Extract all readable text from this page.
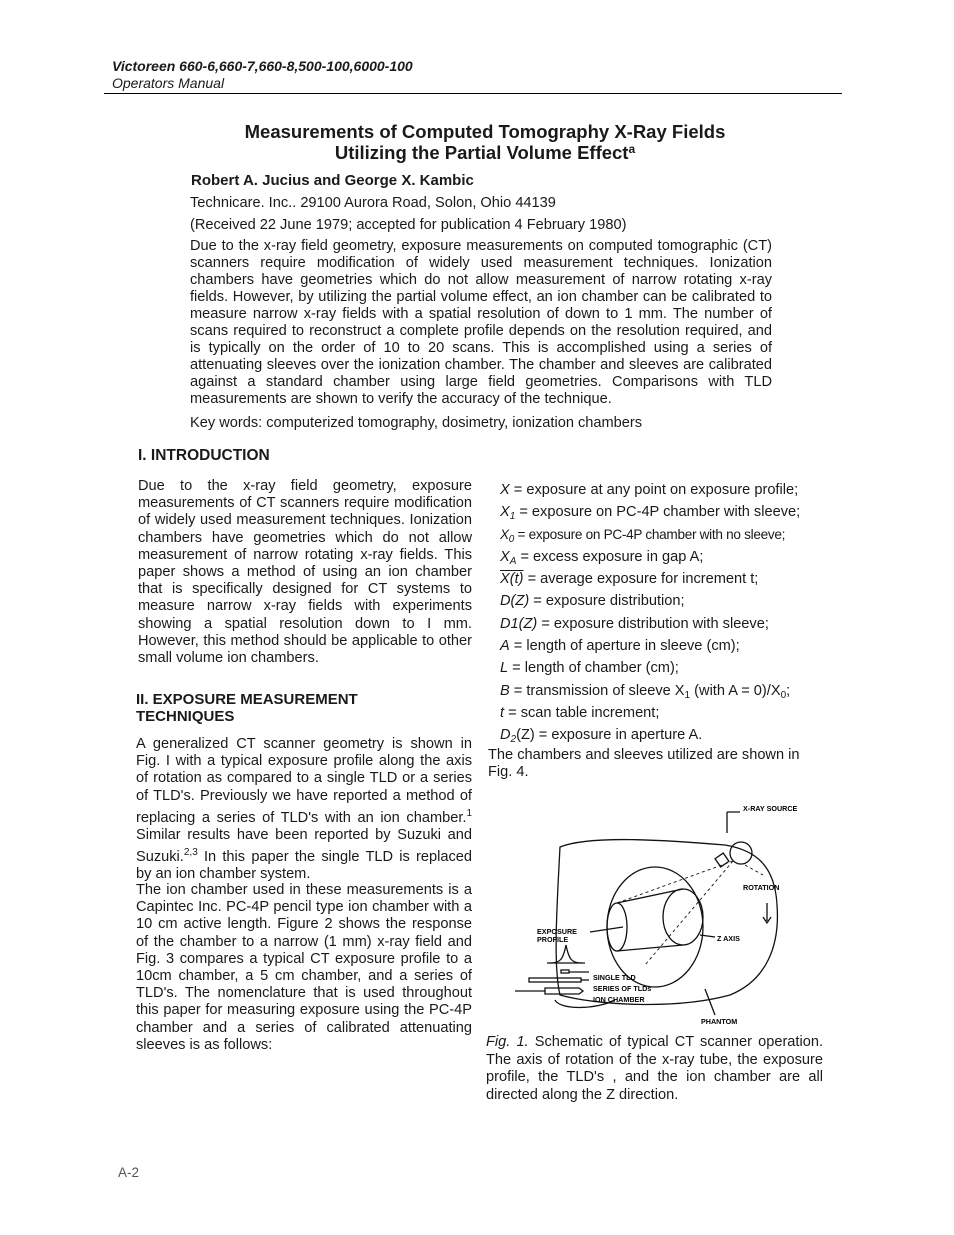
Victoreen 660-6,660-7,660-8,500-100,6000-100
Operators Manual
Measurements of Computed Tomography X-Ray Fields
Utilizing the Partial Volume Effect$^a$
Robert A. Jucius and George X. Kambic
Technicare. Inc.. 29100 Aurora Road, Solon, Ohio 44139
(Received 22 June 1979; accepted for publication 4 February 1980)
Due to the x-ray field geometry, exposure measurements on computed tomographic (CT) scanners require modification of widely used measurement techniques. Ionization chambers have geometries which do not allow measurement of narrow rotating x-ray fields. However, by utilizing the partial volume effect, an ion chamber can be calibrated to measure narrow x-ray fields with a spatial resolution of down to 1 mm. The number of scans required to reconstruct a complete profile depends on the resolution required, and is typically on the order of 10 to 20 scans. This is accomplished using a series of attenuating sleeves over the ionization chamber. The chamber and sleeves are calibrated against a standard chamber using large field geometries. Comparisons with TLD measurements are shown to verify the accuracy of the technique.
Key words: computerized tomography, dosimetry, ionization chambers
I. INTRODUCTION
Due to the x-ray field geometry, exposure measurements of CT scanners require modification of widely used measurement techniques. Ionization chambers have geometries which do not allow measurement of narrow rotating x-ray fields. This paper shows a method of using an ion chamber that is specifically designed for CT systems to measure narrow x-ray fields with experiments showing a spatial resolution down to I mm. However, this method should be applicable to other small volume ion chambers.
II. EXPOSURE MEASUREMENT
TECHNIQUES
A generalized CT scanner geometry is shown in Fig. I with a typical exposure profile along the axis of rotation as compared to a single TLD or a series of TLD's. Previously we have reported a method of replacing a series of TLD's with an ion chamber.$^1$ Similar results have been reported by Suzuki and Suzuki.$^{2,3}$ In this paper the single TLD is replaced by an ion chamber system.
The ion chamber used in these measurements is a Capintec Inc. PC-4P pencil type ion chamber with a 10 cm active length. Figure 2 shows the response of the chamber to a narrow (1 mm) x-ray field and Fig. 3 compares a typical CT exposure profile to a 10cm chamber, a 5 cm chamber, and a series of TLD's. The nomenclature that is used throughout this paper for measuring exposure using the PC-4P chamber and a series of calibrated attenuating sleeves is as follows:
X = exposure at any point on exposure profile;
$X_1$ = exposure on PC-4P chamber with sleeve;
$X_0$ = exposure on PC-4P chamber with no sleeve;
$X_A$ = excess exposure in gap A;
X(t) = average exposure for increment t;
D(Z) = exposure distribution;
D1(Z) = exposure distribution with sleeve;
A = length of aperture in sleeve (cm);
L = length of chamber (cm);
B = transmission of sleeve $X_1$ (with $A = 0)/X_0$;
t = scan table increment;
$D_2(Z)$ = exposure in aperture A.
The chambers and sleeves utilized are shown in Fig. 4.
X-RAY SOURCE
ROTATION
Z AXIS
EXPOSURE
PROFILE
SINGLE TLD
SERIES OF TLDs
ION CHAMBER
PHANTOM
Fig. 1. Schematic of typical CT scanner operation. The axis of rotation of the x-ray tube, the exposure profile, the TLD's , and the ion chamber are all directed along the Z direction.
A-2
